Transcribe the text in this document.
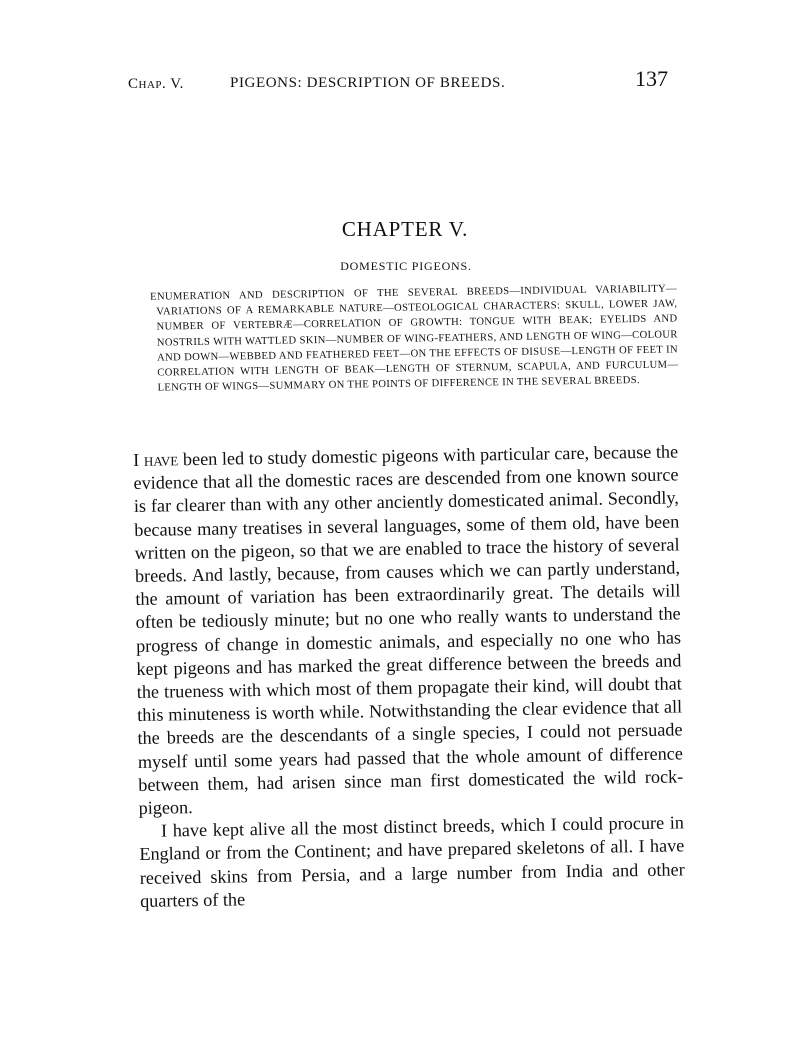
Chap. V.	PIGEONS: DESCRIPTION OF BREEDS.	137
CHAPTER V.
DOMESTIC PIGEONS.

ENUMERATION AND DESCRIPTION OF THE SEVERAL BREEDS—INDIVIDUAL VARIABILITY—VARIATIONS OF A REMARKABLE NATURE—OSTEOLOGICAL CHARACTERS: SKULL, LOWER JAW, NUMBER OF VERTEBRÆ—CORRELATION OF GROWTH: TONGUE WITH BEAK; EYELIDS AND NOSTRILS WITH WATTLED SKIN—NUMBER OF WING-FEATHERS, AND LENGTH OF WING—COLOUR AND DOWN—WEBBED AND FEATHERED FEET—ON THE EFFECTS OF DISUSE—LENGTH OF FEET IN CORRELATION WITH LENGTH OF BEAK—LENGTH OF STERNUM, SCAPULA, AND FURCULUM—LENGTH OF WINGS—SUMMARY ON THE POINTS OF DIFFERENCE IN THE SEVERAL BREEDS.

I have been led to study domestic pigeons with particular care, because the evidence that all the domestic races are descended from one known source is far clearer than with any other anciently domesticated animal. Secondly, because many treatises in several languages, some of them old, have been written on the pigeon, so that we are enabled to trace the history of several breeds. And lastly, because, from causes which we can partly understand, the amount of variation has been extraordinarily great. The details will often be tediously minute; but no one who really wants to understand the progress of change in domestic animals, and especially no one who has kept pigeons and has marked the great difference between the breeds and the trueness with which most of them propagate their kind, will doubt that this minuteness is worth while. Notwithstanding the clear evidence that all the breeds are the descendants of a single species, I could not persuade myself until some years had passed that the whole amount of difference between them, had arisen since man first domesticated the wild rock-pigeon.

I have kept alive all the most distinct breeds, which I could procure in England or from the Continent; and have prepared skeletons of all. I have received skins from Persia, and a large number from India and other quarters of the
